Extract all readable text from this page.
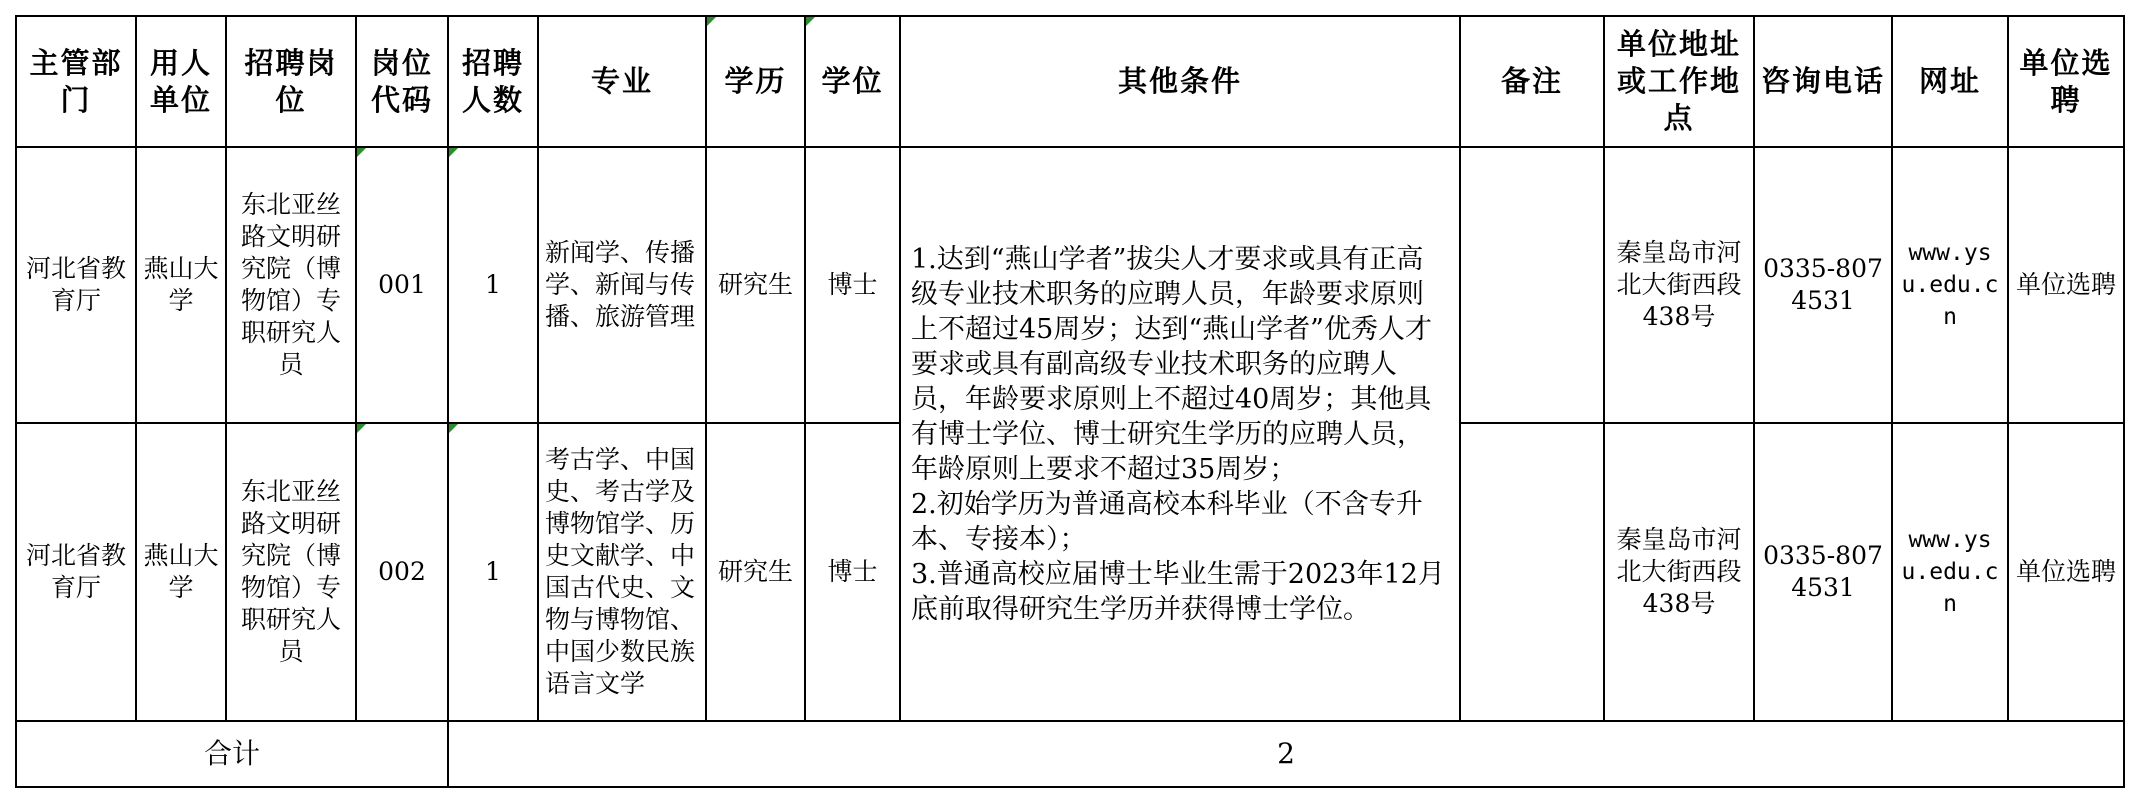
主管部门	用人单位	招聘岗位	岗位代码	招聘人数	专业	学历	学位	其他条件	备注	单位地址或工作地点	咨询电话	网址	单位选聘
河北省教育厅	燕山大学	东北亚丝路文明研究院（博物馆）专职研究人员	001	1	新闻学、传播学、新闻与传播、旅游管理	研究生	博士	1.达到“燕山学者”拔尖人才要求或具有正高级专业技术职务的应聘人员，年龄要求原则上不超过45周岁；达到“燕山学者”优秀人才要求或具有副高级专业技术职务的应聘人员，年龄要求原则上不超过40周岁；其他具有博士学位、博士研究生学历的应聘人员，年龄原则上要求不超过35周岁；
2.初始学历为普通高校本科毕业（不含专升本、专接本）；
3.普通高校应届博士毕业生需于2023年12月底前取得研究生学历并获得博士学位。		秦皇岛市河北大街西段438号	0335-8074531	www.ysu.edu.cn	单位选聘
河北省教育厅	燕山大学	东北亚丝路文明研究院（博物馆）专职研究人员	002	1	考古学、中国史、考古学及博物馆学、历史文献学、中国古代史、文物与博物馆、中国少数民族语言文学	研究生	博士			秦皇岛市河北大街西段438号	0335-8074531	www.ysu.edu.cn	单位选聘
合计				2									
